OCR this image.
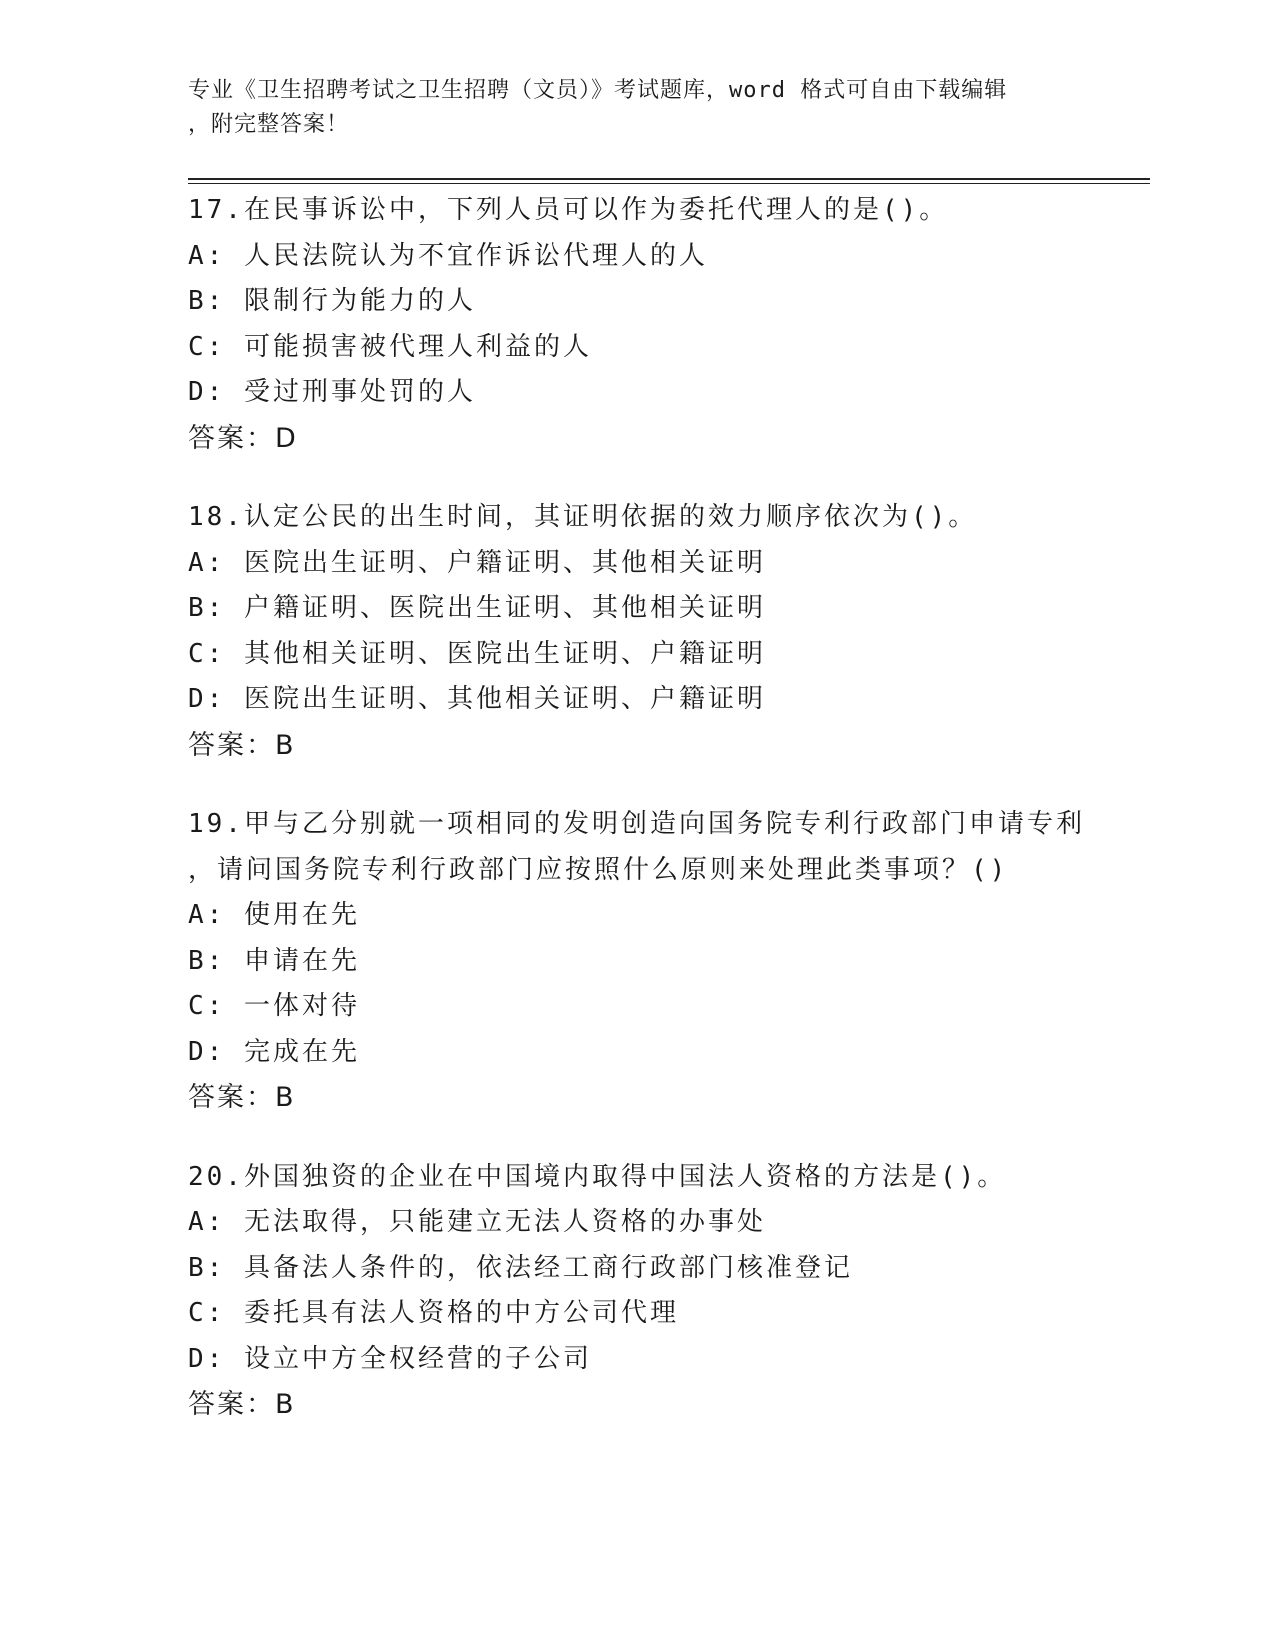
专业《卫生招聘考试之卫生招聘（文员）》考试题库，word 格式可自由下载编辑
，附完整答案！
17.在民事诉讼中，下列人员可以作为委托代理人的是()。
A: 人民法院认为不宜作诉讼代理人的人
B: 限制行为能力的人
C: 可能损害被代理人利益的人
D: 受过刑事处罚的人
答案：D
18.认定公民的出生时间，其证明依据的效力顺序依次为()。
A: 医院出生证明、户籍证明、其他相关证明
B: 户籍证明、医院出生证明、其他相关证明
C: 其他相关证明、医院出生证明、户籍证明
D: 医院出生证明、其他相关证明、户籍证明
答案：B
19.甲与乙分别就一项相同的发明创造向国务院专利行政部门申请专利
，请问国务院专利行政部门应按照什么原则来处理此类事项？()
A: 使用在先
B: 申请在先
C: 一体对待
D: 完成在先
答案：B
20.外国独资的企业在中国境内取得中国法人资格的方法是()。
A: 无法取得，只能建立无法人资格的办事处
B: 具备法人条件的，依法经工商行政部门核准登记
C: 委托具有法人资格的中方公司代理
D: 设立中方全权经营的子公司
答案：B
